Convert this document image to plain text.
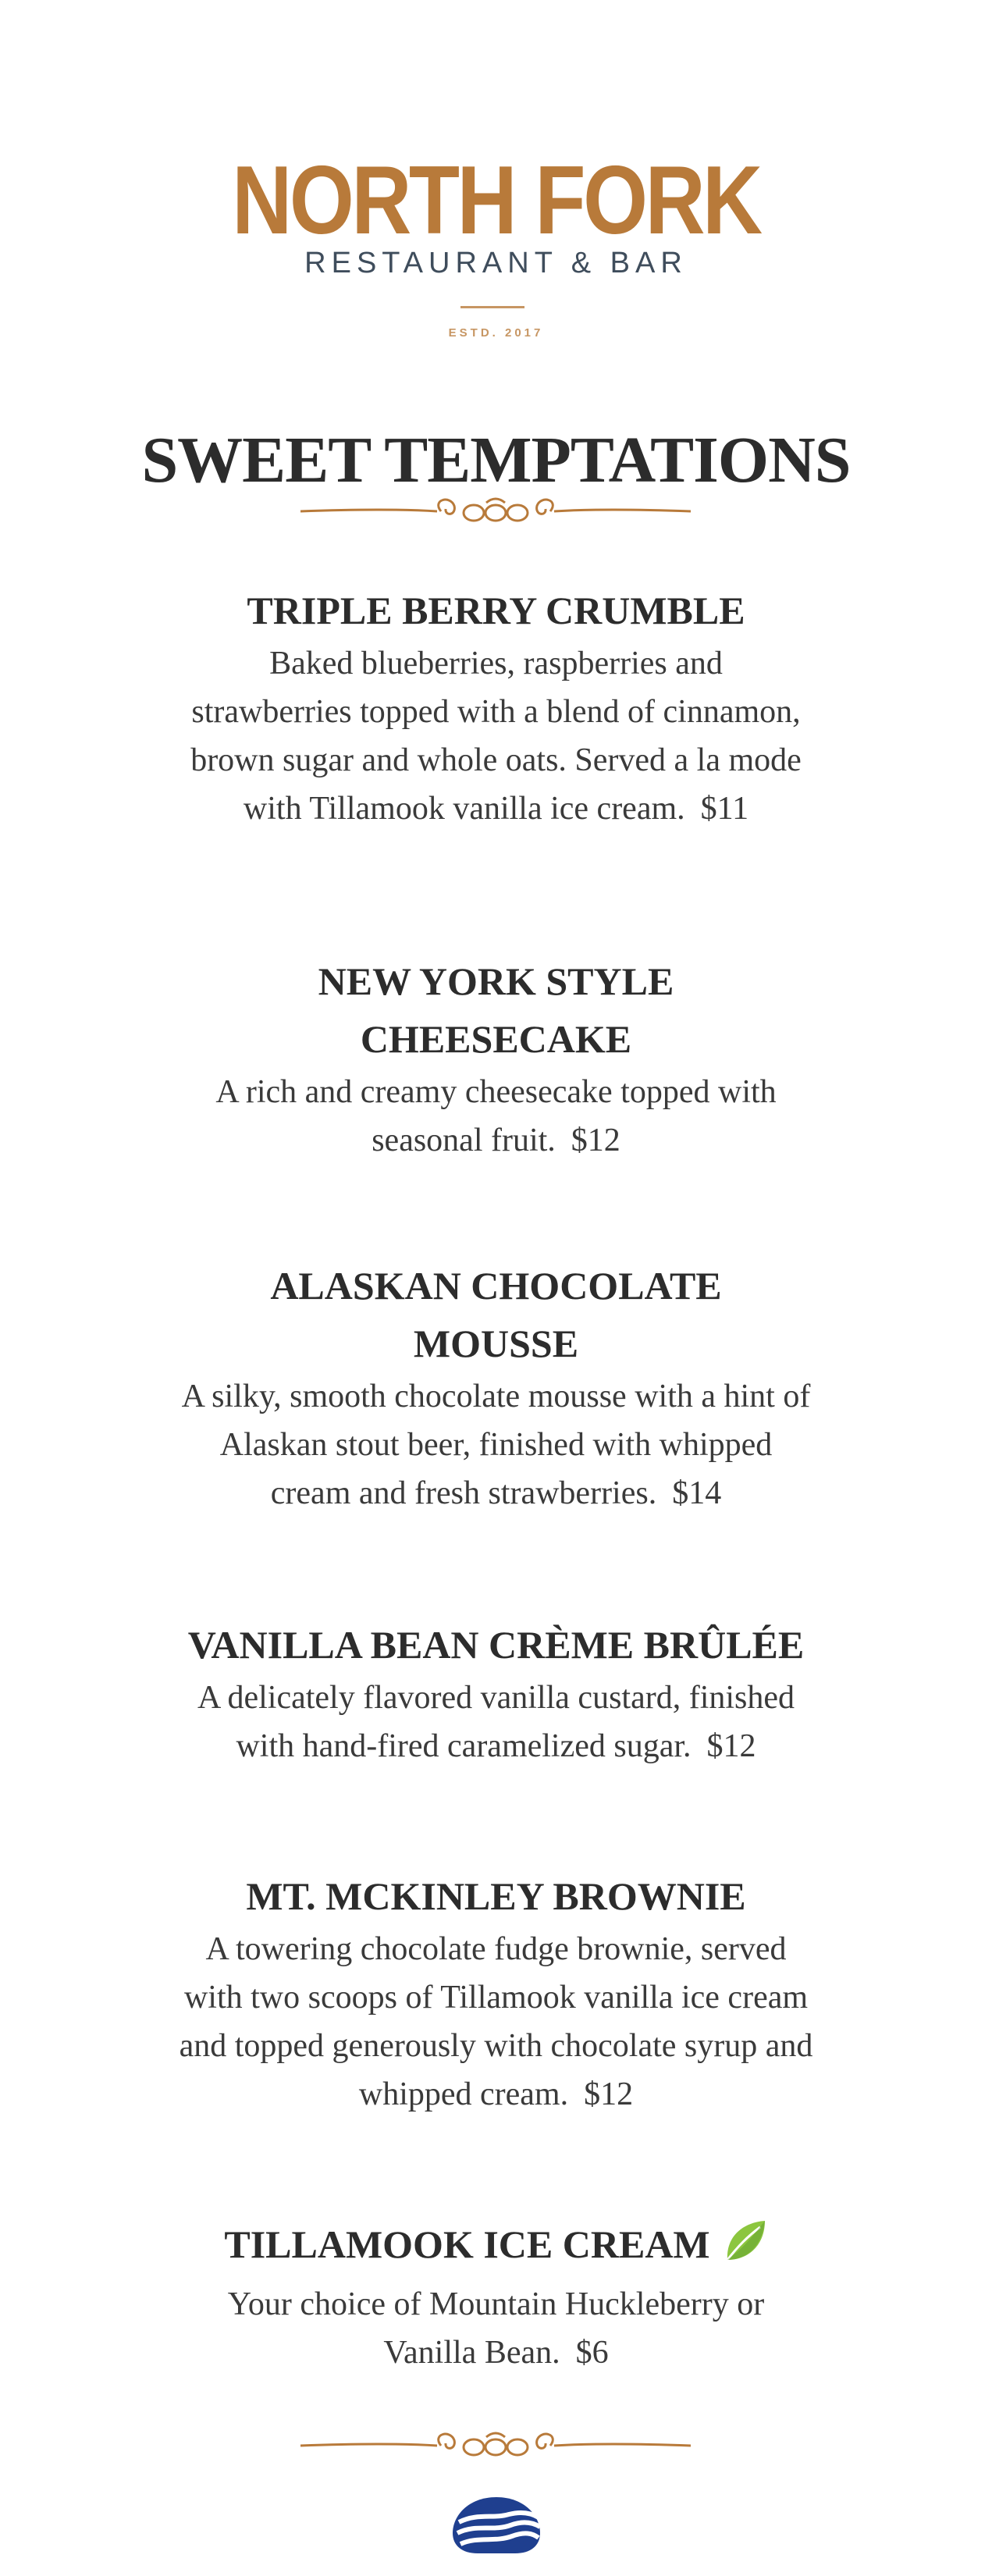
NORTH FORK
RESTAURANT & BAR
ESTD. 2017
SWEET TEMPTATIONS

TRIPLE BERRY CRUMBLE

Baked blueberries, raspberries and

strawberries topped with a blend of cinnamon,

brown sugar and whole oats. Served a la mode

with Tillamook vanilla ice cream. $11

NEW YORK STYLE

CHEESECAKE

A rich and creamy cheesecake topped with

seasonal fruit. $12

ALASKAN CHOCOLATE

MOUSSE

A silky, smooth chocolate mousse with a hint of

Alaskan stout beer, finished with whipped

cream and fresh strawberries. $14

VANILLA BEAN CRÈME BRÛLÉE

A delicately flavored vanilla custard, finished

with hand-fired caramelized sugar. $12

MT. MCKINLEY BROWNIE

A towering chocolate fudge brownie, served

with two scoops of Tillamook vanilla ice cream

and topped generously with chocolate syrup and

whipped cream. $12

TILLAMOOK ICE CREAM

Your choice of Mountain Huckleberry or

Vanilla Bean. $6
